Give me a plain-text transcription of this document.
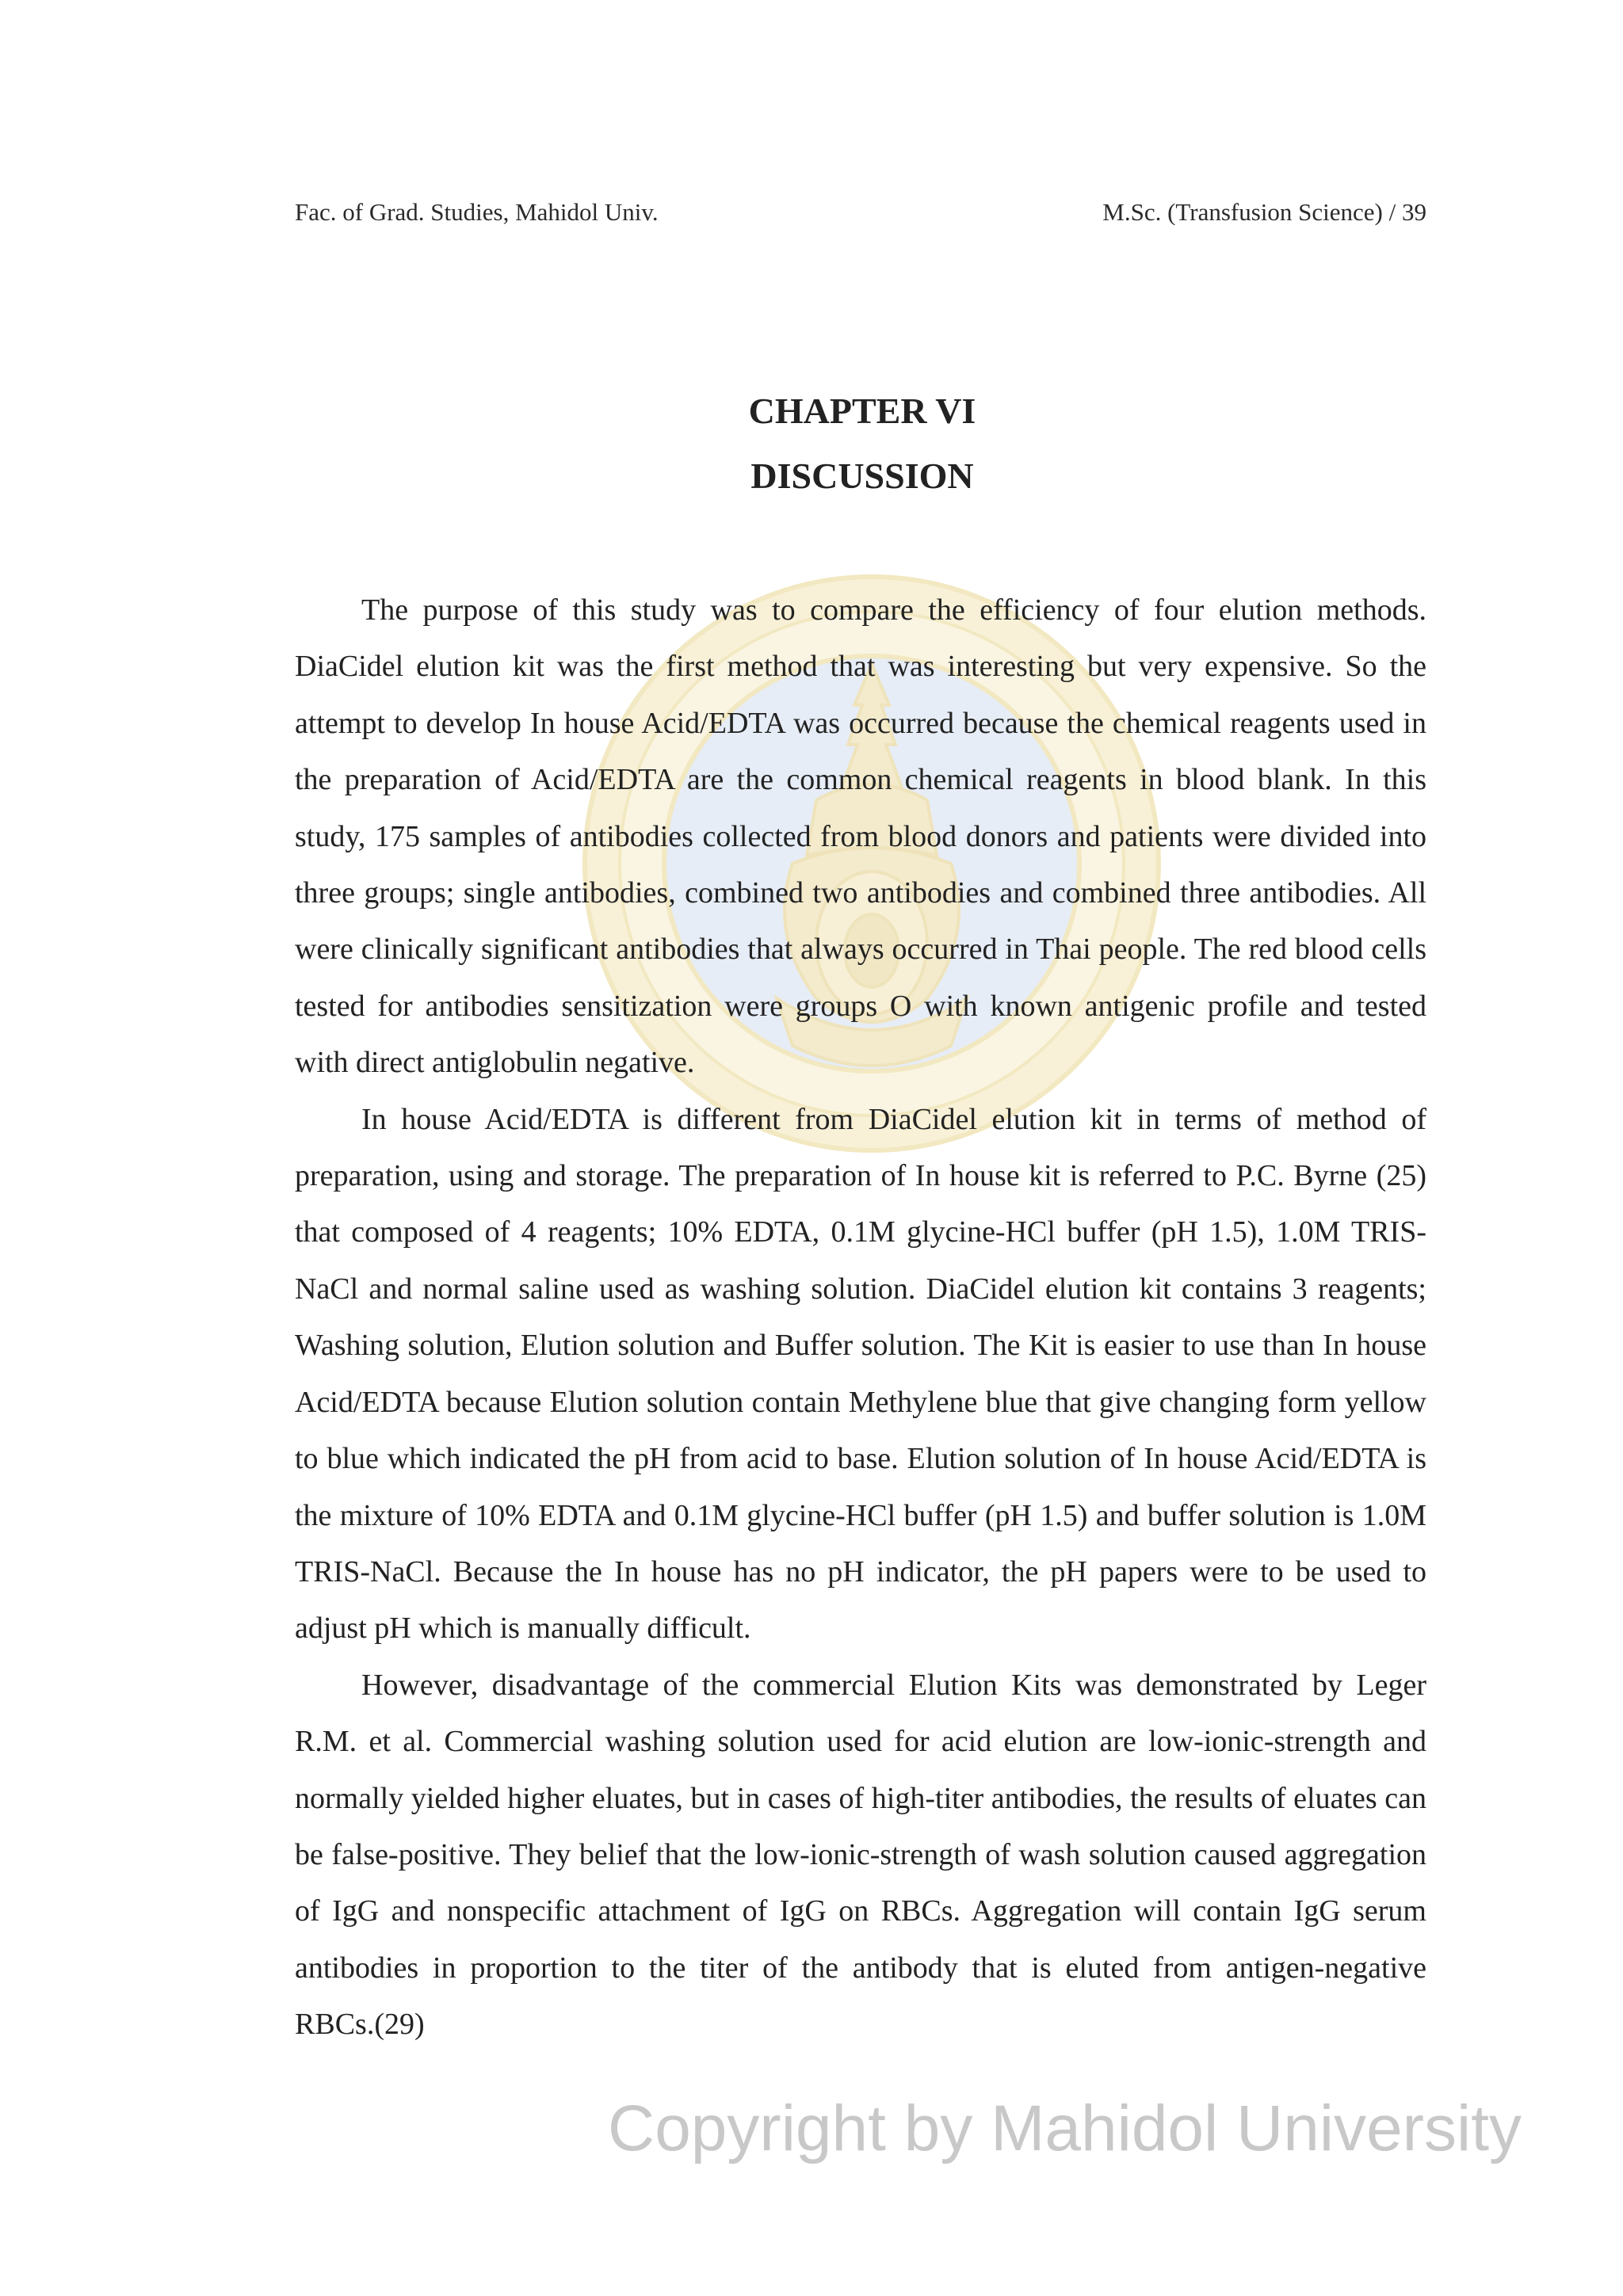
Fac. of Grad. Studies, Mahidol Univ.	M.Sc. (Transfusion Science) / 39
CHAPTER VI
DISCUSSION

The purpose of this study was to compare the efficiency of four elution methods. DiaCidel elution kit was the first method that was interesting but very expensive. So the attempt to develop In house Acid/EDTA was occurred because the chemical reagents used in the preparation of Acid/EDTA are the common chemical reagents in blood blank. In this study, 175 samples of antibodies collected from blood donors and patients were divided into three groups; single antibodies, combined two antibodies and combined three antibodies. All were clinically significant antibodies that always occurred in Thai people. The red blood cells tested for antibodies sensitization were groups O with known antigenic profile and tested with direct antiglobulin negative.

In house Acid/EDTA is different from DiaCidel elution kit in terms of method of preparation, using and storage. The preparation of In house kit is referred to P.C. Byrne (25) that composed of 4 reagents; 10% EDTA, 0.1M glycine-HCl buffer (pH 1.5), 1.0M TRIS-NaCl and normal saline used as washing solution. DiaCidel elution kit contains 3 reagents; Washing solution, Elution solution and Buffer solution. The Kit is easier to use than In house Acid/EDTA because Elution solution contain Methylene blue that give changing form yellow to blue which indicated the pH from acid to base. Elution solution of In house Acid/EDTA is the mixture of 10% EDTA and 0.1M glycine-HCl buffer (pH 1.5) and buffer solution is 1.0M TRIS-NaCl. Because the In house has no pH indicator, the pH papers were to be used to adjust pH which is manually difficult.

However, disadvantage of the commercial Elution Kits was demonstrated by Leger R.M. et al. Commercial washing solution used for acid elution are low-ionic-strength and normally yielded higher eluates, but in cases of high-titer antibodies, the results of eluates can be false-positive. They belief that the low-ionic-strength of wash solution caused aggregation of IgG and nonspecific attachment of IgG on RBCs. Aggregation will contain IgG serum antibodies in proportion to the titer of the antibody that is eluted from antigen-negative RBCs.(29)

Copyright by Mahidol University
